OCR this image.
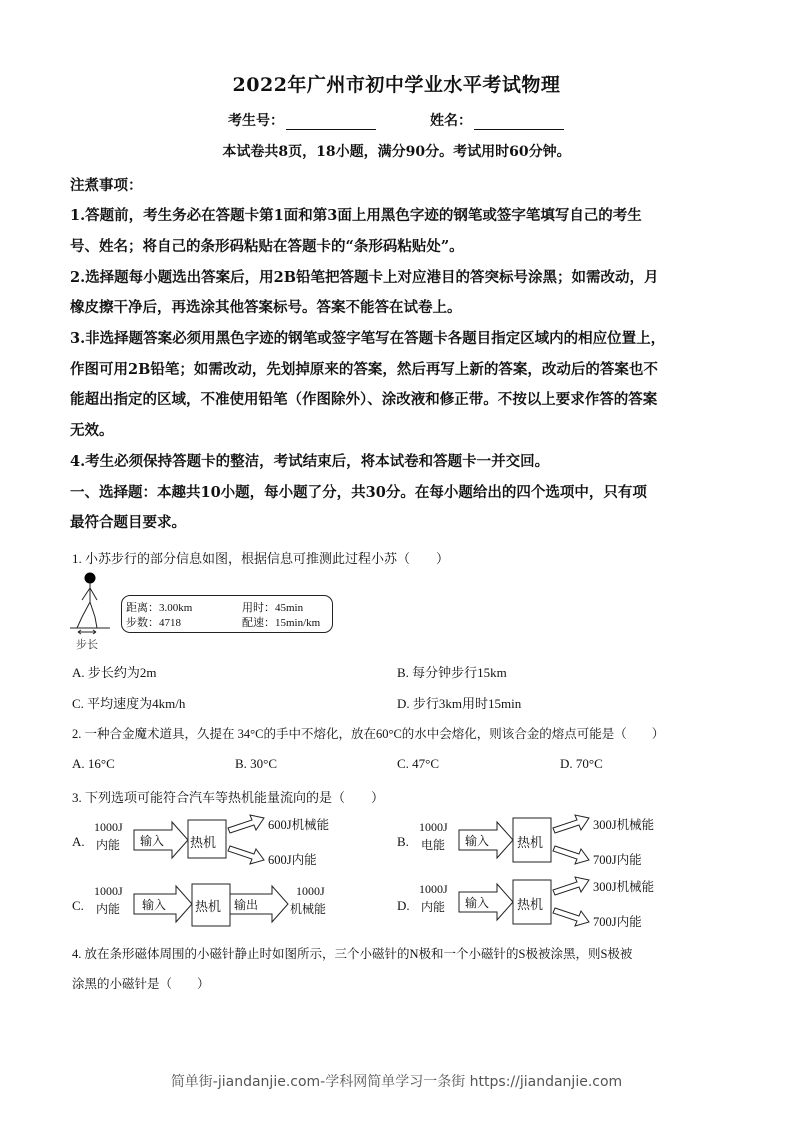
2022年广州市初中学业水平考试物理
考生号：	姓名：
本试卷共8页，18小题，满分90分。考试用时60分钟。
注煮事项：
1.答题前，考生务必在答题卡第1面和第3面上用黑色字迹的钢笔或签字笔填写自己的考生
号、姓名；将自己的条形码粘贴在答题卡的“条形码粘贴处”。
2.选择题每小题选出答案后，用2B铅笔把答题卡上对应港目的答突标号涂黑；如需改动，月
橡皮擦干净后，再选涂其他答案标号。答案不能答在试卷上。
3.非选择题答案必须用黑色字迹的钢笔或签字笔写在答题卡各题目指定区域内的相应位置上，
作图可用2B铅笔；如需改动，先划掉原来的答案，然后再写上新的答案，改动后的答案也不
能超出指定的区域，不准使用铅笔（作图除外）、涂改液和修正带。不按以上要求作答的答案
无效。
4.考生必须保持答题卡的整洁，考试结束后，将本试卷和答题卡一并交回。
一、选择题：本趣共10小题，每小题了分，共30分。在每小题给出的四个选项中，只有项
最符合题目要求。
1. 小苏步行的部分信息如图，根据信息可推测此过程小苏（　　）
步长
距离：3.00km	用时：45min
步数：4718	配速：15min/km
A. 步长约为2m	B. 每分钟步行15km
C. 平均速度为4km/h	D. 步行3km用时15min
2. 一种合金魔术道具，久提在 34°C的手中不熔化，放在60°C的水中会熔化，则该合金的熔点可能是（　　）
A. 16°C	B. 30°C	C. 47°C	D. 70°C
3. 下列选项可能符合汽车等热机能量流向的是（　　）
A.
1000J
内能 输入 热机
600J机械能
600J内能
B.
1000J
电能 输入 热机
300J机械能
700J内能
C.
1000J
内能 输入 热机 输出
1000J
机械能	D.
1000J
内能 输入 热机
300J机械能
700J内能
4. 放在条形磁体周围的小磁针静止时如图所示，三个小磁针的N极和一个小磁针的S极被涂黑，则S极被
涂黑的小磁针是（　　）
简单街-jiandanjie.com-学科网简单学习一条街 https://jiandanjie.com
